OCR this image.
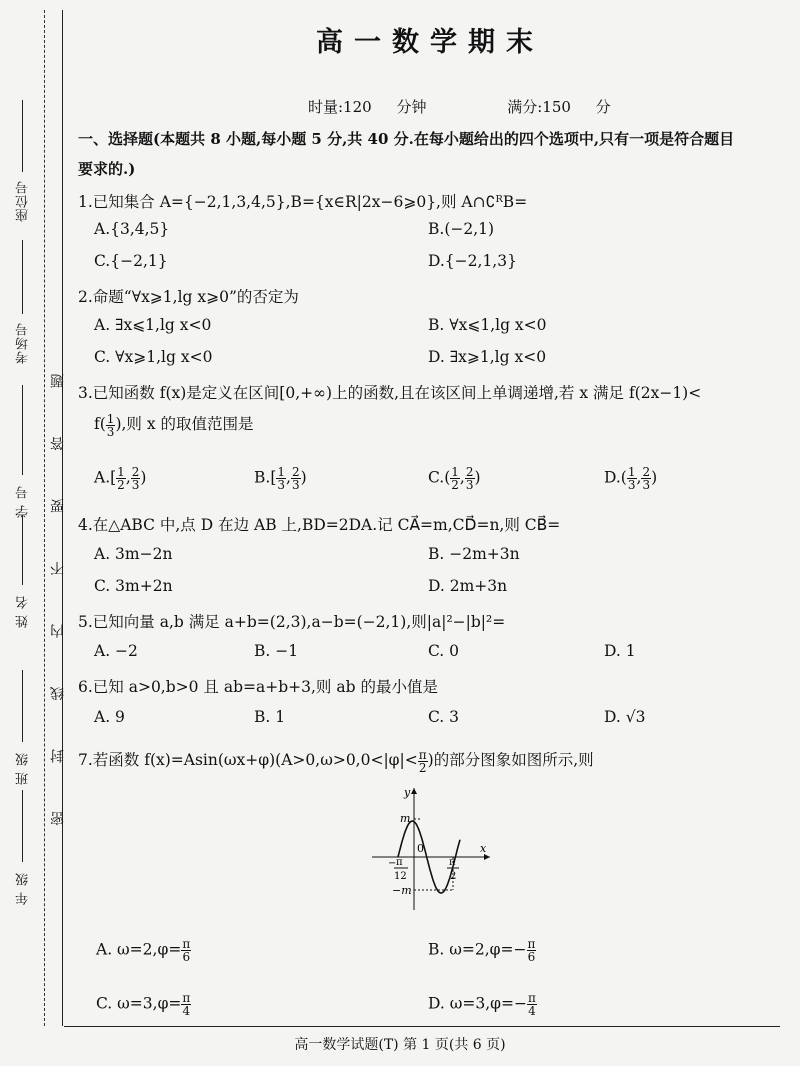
座位号
考场号
学 号
姓 名
班 级
年 级
密 封 线 内 不 要 答 题
高一数学期末
时量:120 分钟	满分:150 分
一、选择题(本题共 8 小题,每小题 5 分,共 40 分.在每小题给出的四个选项中,只有一项是符合题目
要求的.)
1.已知集合 A={−2,1,3,4,5},B={x∈R|2x−6⩾0},则 A∩∁ᴿB=
A.{3,4,5}	B.(−2,1)
C.{−2,1}	D.{−2,1,3}
2.命题“∀x⩾1,lg x⩾0”的否定为
A. ∃x⩽1,lg x<0	B. ∀x⩽1,lg x<0
C. ∀x⩾1,lg x<0	D. ∃x⩾1,lg x<0
3.已知函数 f(x)是定义在区间[0,+∞)上的函数,且在该区间上单调递增,若 x 满足 f(2x−1)<
$f( \frac{1}{3}$ ),则 x 的取值范围是
$A.[ \frac{1}{2}$ , $\frac{2}{3}$ )	$B.[ \frac{1}{3}$ , $\frac{2}{3}$ )	$C.( \frac{1}{2}$ , $\frac{2}{3}$ )	$D.( \frac{1}{3}$ , $\frac{2}{3}$ )
4.在△ABC 中,点 D 在边 AB 上,BD=2DA.记 CA⃗=m,CD⃗=n,则 CB⃗=
A. 3m−2n	B. −2m+3n
C. 3m+2n	D. 2m+3n
5.已知向量 a,b 满足 a+b=(2,3),a−b=(−2,1),则|a|²−|b|²=
A. −2	B. −1	C. 0	D. 1
6.已知 a>0,b>0 且 ab=a+b+3,则 ab 的最小值是
A. 9	B. 1	C. 3	D. √3
7.若函数 $f(x)=Asin(\omega x+\varphi)(A>0,\omega>0,0<|\varphi|< \frac{\pi}{2}$ )的部分图象如图所示,则
m
−m
0
y
x
− π
12
π
2
A. $\omega=2,\varphi= \frac{\pi}{6}$	B. $\omega=2,\varphi=- \frac{\pi}{6}$
C. $\omega=3,\varphi= \frac{\pi}{4}$	D. $\omega=3,\varphi=- \frac{\pi}{4}$
高一数学试题(T) 第 1 页(共 6 页)
